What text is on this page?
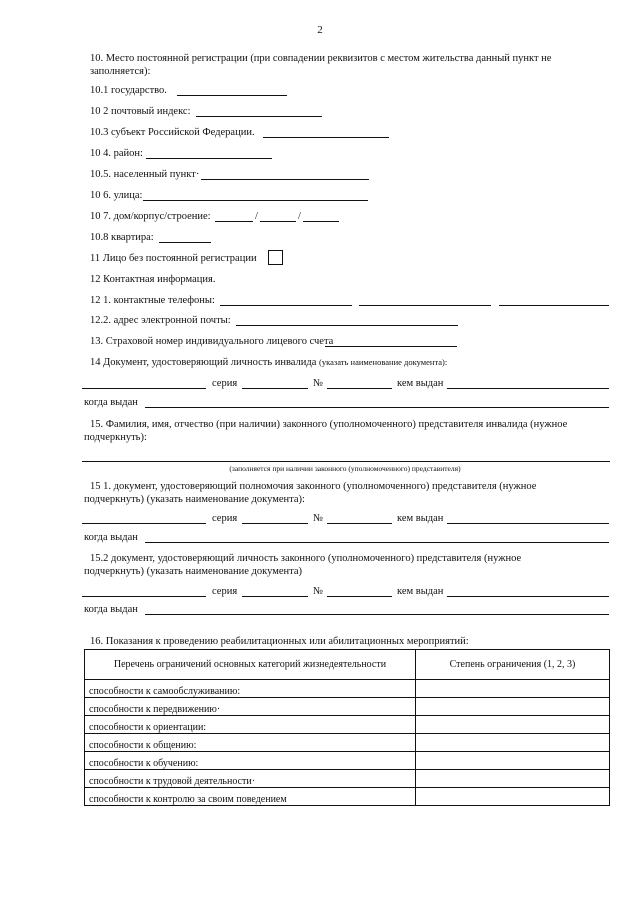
2
10. Место постоянной регистрации (при совпадении реквизитов с местом жительства данный пункт не заполняется):
10.1 государство.
10 2 почтовый индекс:
10.3 субъект Российской Федерации.
10 4. район:
10.5. населенный пункт·
10 6. улица:
10 7. дом/корпус/строение:	/	/
10.8 квартира:
11 Лицо без постоянной регистрации
12 Контактная информация.
12 1. контактные телефоны:
12.2. адрес электронной почты:
13. Страховой номер индивидуального лицевого счета
14 Документ, удостоверяющий личность инвалида (указать наименование документа):
серия	№	кем выдан
когда выдан
15. Фамилия, имя, отчество (при наличии) законного (уполномоченного) представителя инвалида (нужное
подчеркнуть):
(заполняется при наличии законного (уполномоченного) представителя)
15 1. документ, удостоверяющий полномочия законного (уполномоченного) представителя (нужное
подчеркнуть) (указать наименование документа):
серия	№	кем выдан
когда выдан
15.2 документ, удостоверяющий личность законного (уполномоченного) представителя (нужное
подчеркнуть) (указать наименование документа)
серия	№	кем выдан
когда выдан
16. Показания к проведению реабилитационных или абилитационных мероприятий:
Перечень ограничений основных категорий жизнедеятельности	Степень ограничения (1, 2, 3)
способности к самообслуживанию:	
способности к передвижению·	
способности к ориентации:	
способности к общению:	
способности к обучению:	
способности к трудовой деятельности·	
способности к контролю за своим поведением	
